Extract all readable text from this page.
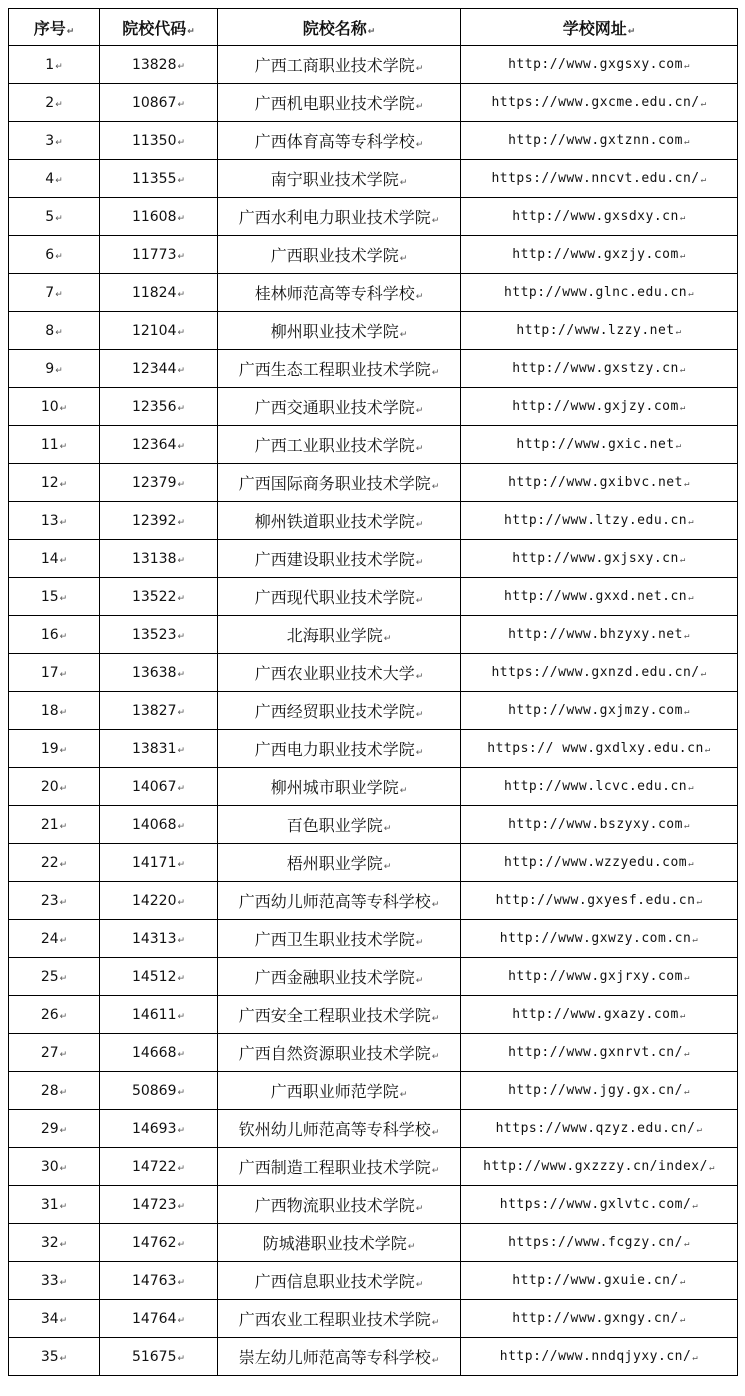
序号↵	院校代码↵	院校名称↵	学校网址↵
1↵	13828↵	广西工商职业技术学院↵	http://www.gxgsxy.com↵
2↵	10867↵	广西机电职业技术学院↵	https://www.gxcme.edu.cn/↵
3↵	11350↵	广西体育高等专科学校↵	http://www.gxtznn.com↵
4↵	11355↵	南宁职业技术学院↵	https://www.nncvt.edu.cn/↵
5↵	11608↵	广西水利电力职业技术学院↵	http://www.gxsdxy.cn↵
6↵	11773↵	广西职业技术学院↵	http://www.gxzjy.com↵
7↵	11824↵	桂林师范高等专科学校↵	http://www.glnc.edu.cn↵
8↵	12104↵	柳州职业技术学院↵	http://www.lzzy.net↵
9↵	12344↵	广西生态工程职业技术学院↵	http://www.gxstzy.cn↵
10↵	12356↵	广西交通职业技术学院↵	http://www.gxjzy.com↵
11↵	12364↵	广西工业职业技术学院↵	http://www.gxic.net↵
12↵	12379↵	广西国际商务职业技术学院↵	http://www.gxibvc.net↵
13↵	12392↵	柳州铁道职业技术学院↵	http://www.ltzy.edu.cn↵
14↵	13138↵	广西建设职业技术学院↵	http://www.gxjsxy.cn↵
15↵	13522↵	广西现代职业技术学院↵	http://www.gxxd.net.cn↵
16↵	13523↵	北海职业学院↵	http://www.bhzyxy.net↵
17↵	13638↵	广西农业职业技术大学↵	https://www.gxnzd.edu.cn/↵
18↵	13827↵	广西经贸职业技术学院↵	http://www.gxjmzy.com↵
19↵	13831↵	广西电力职业技术学院↵	https:// www.gxdlxy.edu.cn↵
20↵	14067↵	柳州城市职业学院↵	http://www.lcvc.edu.cn↵
21↵	14068↵	百色职业学院↵	http://www.bszyxy.com↵
22↵	14171↵	梧州职业学院↵	http://www.wzzyedu.com↵
23↵	14220↵	广西幼儿师范高等专科学校↵	http://www.gxyesf.edu.cn↵
24↵	14313↵	广西卫生职业技术学院↵	http://www.gxwzy.com.cn↵
25↵	14512↵	广西金融职业技术学院↵	http://www.gxjrxy.com↵
26↵	14611↵	广西安全工程职业技术学院↵	http://www.gxazy.com↵
27↵	14668↵	广西自然资源职业技术学院↵	http://www.gxnrvt.cn/↵
28↵	50869↵	广西职业师范学院↵	http://www.jgy.gx.cn/↵
29↵	14693↵	钦州幼儿师范高等专科学校↵	https://www.qzyz.edu.cn/↵
30↵	14722↵	广西制造工程职业技术学院↵	http://www.gxzzzy.cn/index/↵
31↵	14723↵	广西物流职业技术学院↵	https://www.gxlvtc.com/↵
32↵	14762↵	防城港职业技术学院↵	https://www.fcgzy.cn/↵
33↵	14763↵	广西信息职业技术学院↵	http://www.gxuie.cn/↵
34↵	14764↵	广西农业工程职业技术学院↵	http://www.gxngy.cn/↵
35↵	51675↵	崇左幼儿师范高等专科学校↵	http://www.nndqjyxy.cn/↵
